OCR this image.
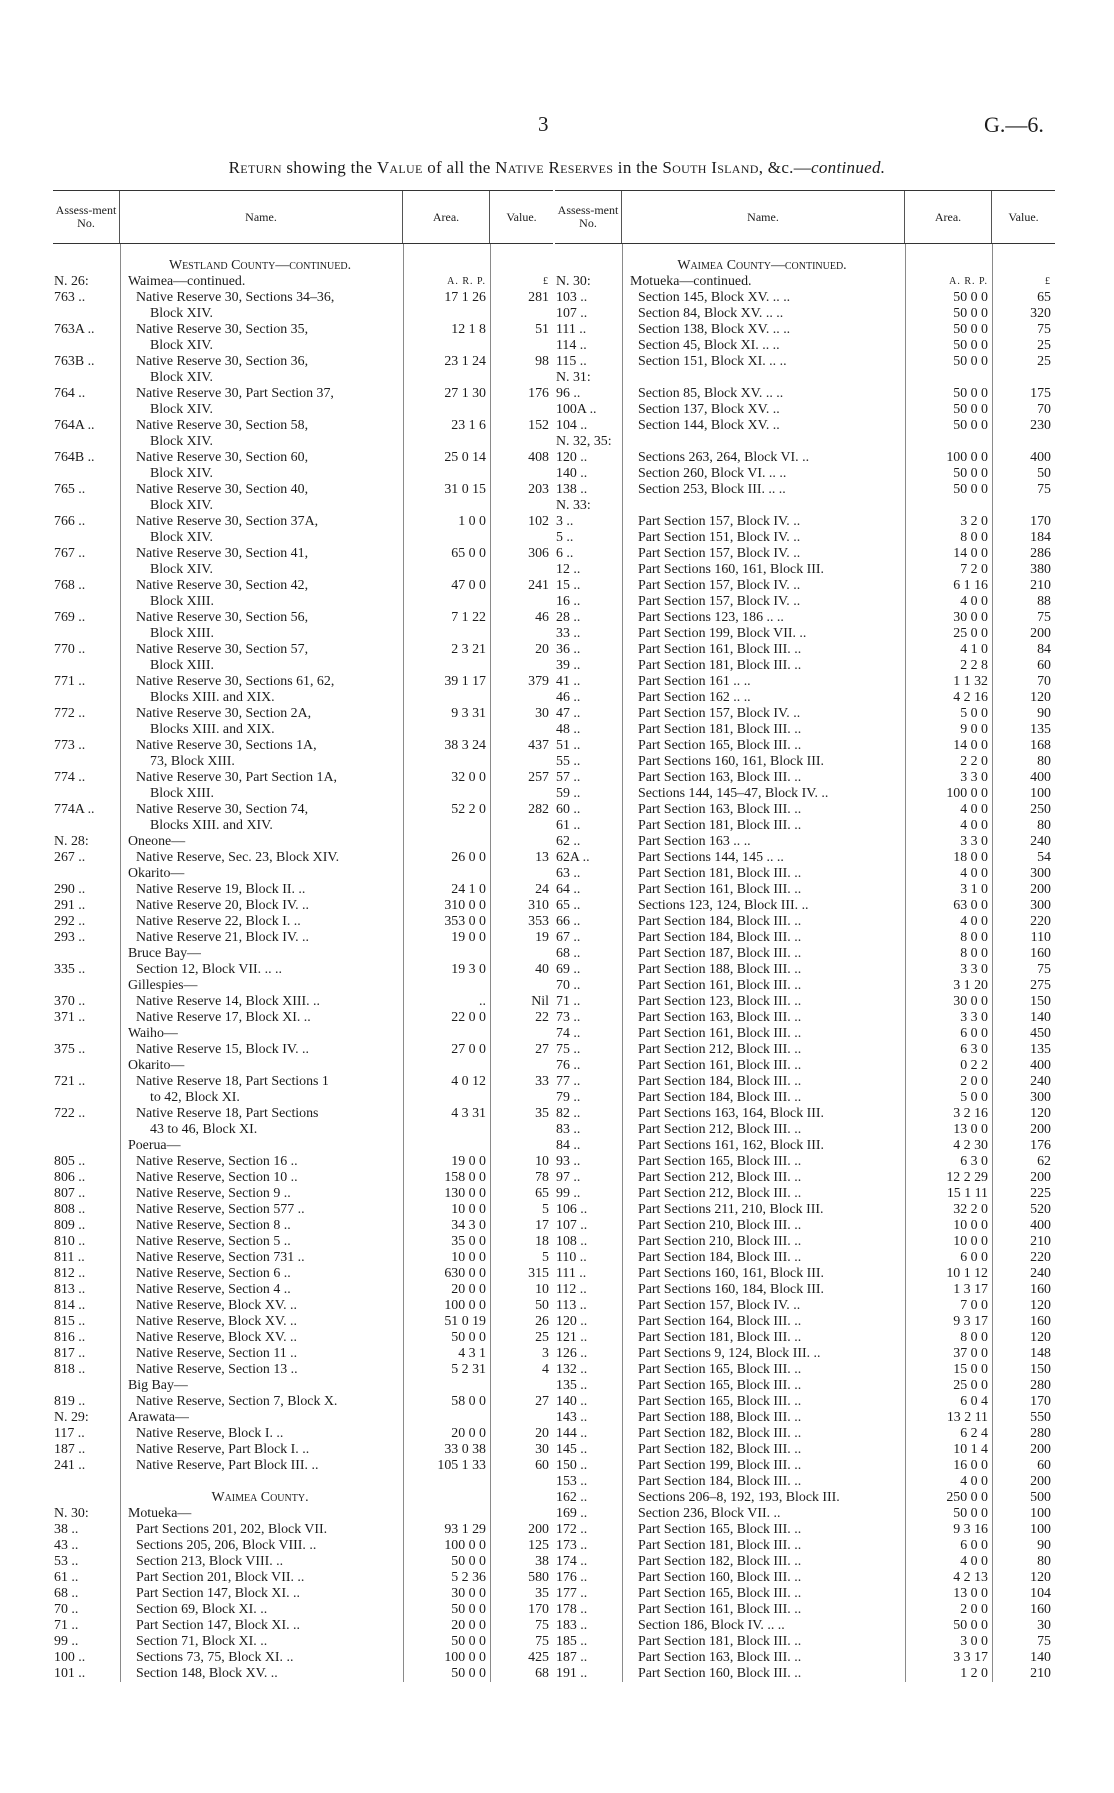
3	G.—6.
Return showing the Value of all the Native Reserves in the South Island, &c.—continued.
Assess-ment No.	Name.	Area.	Value.
Westland County—continued.
N. 26:	Waimea—continued.	A. R. P.	£
763 ..	Native Reserve 30, Sections 34–36,	17 1 26	281
Block XIV.
763A ..	Native Reserve 30, Section 35,	12 1 8	51
Block XIV.
763B ..	Native Reserve 30, Section 36,	23 1 24	98
Block XIV.
764 ..	Native Reserve 30, Part Section 37,	27 1 30	176
Block XIV.
764A ..	Native Reserve 30, Section 58,	23 1 6	152
Block XIV.
764B ..	Native Reserve 30, Section 60,	25 0 14	408
Block XIV.
765 ..	Native Reserve 30, Section 40,	31 0 15	203
Block XIV.
766 ..	Native Reserve 30, Section 37A,	1 0 0	102
Block XIV.
767 ..	Native Reserve 30, Section 41,	65 0 0	306
Block XIV.
768 ..	Native Reserve 30, Section 42,	47 0 0	241
Block XIII.
769 ..	Native Reserve 30, Section 56,	7 1 22	46
Block XIII.
770 ..	Native Reserve 30, Section 57,	2 3 21	20
Block XIII.
771 ..	Native Reserve 30, Sections 61, 62,	39 1 17	379
Blocks XIII. and XIX.
772 ..	Native Reserve 30, Section 2A,	9 3 31	30
Blocks XIII. and XIX.
773 ..	Native Reserve 30, Sections 1A,	38 3 24	437
73, Block XIII.
774 ..	Native Reserve 30, Part Section 1A,	32 0 0	257
Block XIII.
774A ..	Native Reserve 30, Section 74,	52 2 0	282
Blocks XIII. and XIV.
N. 28:	Oneone—
267 ..	Native Reserve, Sec. 23, Block XIV.	26 0 0	13
Okarito—
290 ..	Native Reserve 19, Block II. ..	24 1 0	24
291 ..	Native Reserve 20, Block IV. ..	310 0 0	310
292 ..	Native Reserve 22, Block I. ..	353 0 0	353
293 ..	Native Reserve 21, Block IV. ..	19 0 0	19
Bruce Bay—
335 ..	Section 12, Block VII. .. ..	19 3 0	40
Gillespies—
370 ..	Native Reserve 14, Block XIII. ..	..	Nil
371 ..	Native Reserve 17, Block XI. ..	22 0 0	22
Waiho—
375 ..	Native Reserve 15, Block IV. ..	27 0 0	27
Okarito—
721 ..	Native Reserve 18, Part Sections 1	4 0 12	33
to 42, Block XI.
722 ..	Native Reserve 18, Part Sections	4 3 31	35
43 to 46, Block XI.
Poerua—
805 ..	Native Reserve, Section 16 ..	19 0 0	10
806 ..	Native Reserve, Section 10 ..	158 0 0	78
807 ..	Native Reserve, Section 9 ..	130 0 0	65
808 ..	Native Reserve, Section 577 ..	10 0 0	5
809 ..	Native Reserve, Section 8 ..	34 3 0	17
810 ..	Native Reserve, Section 5 ..	35 0 0	18
811 ..	Native Reserve, Section 731 ..	10 0 0	5
812 ..	Native Reserve, Section 6 ..	630 0 0	315
813 ..	Native Reserve, Section 4 ..	20 0 0	10
814 ..	Native Reserve, Block XV. ..	100 0 0	50
815 ..	Native Reserve, Block XV. ..	51 0 19	26
816 ..	Native Reserve, Block XV. ..	50 0 0	25
817 ..	Native Reserve, Section 11 ..	4 3 1	3
818 ..	Native Reserve, Section 13 ..	5 2 31	4
Big Bay—
819 ..	Native Reserve, Section 7, Block X.	58 0 0	27
N. 29:	Arawata—
117 ..	Native Reserve, Block I. ..	20 0 0	20
187 ..	Native Reserve, Part Block I. ..	33 0 38	30
241 ..	Native Reserve, Part Block III. ..	105 1 33	60
Waimea County.
N. 30:	Motueka—
38 ..	Part Sections 201, 202, Block VII.	93 1 29	200
43 ..	Sections 205, 206, Block VIII. ..	100 0 0	125
53 ..	Section 213, Block VIII. ..	50 0 0	38
61 ..	Part Section 201, Block VII. ..	5 2 36	580
68 ..	Part Section 147, Block XI. ..	30 0 0	35
70 ..	Section 69, Block XI. ..	50 0 0	170
71 ..	Part Section 147, Block XI. ..	20 0 0	75
99 ..	Section 71, Block XI. ..	50 0 0	75
100 ..	Sections 73, 75, Block XI. ..	100 0 0	425
101 ..	Section 148, Block XV. ..	50 0 0	68
Assess-ment No.	Name.	Area.	Value.
Waimea County—continued.
N. 30:	Motueka—continued.	A. R. P.	£
103 ..	Section 145, Block XV. .. ..	50 0 0	65
107 ..	Section 84, Block XV. .. ..	50 0 0	320
111 ..	Section 138, Block XV. .. ..	50 0 0	75
114 ..	Section 45, Block XI. .. ..	50 0 0	25
115 ..	Section 151, Block XI. .. ..	50 0 0	25
N. 31:
96 ..	Section 85, Block XV. .. ..	50 0 0	175
100A ..	Section 137, Block XV. ..	50 0 0	70
104 ..	Section 144, Block XV. ..	50 0 0	230
N. 32, 35:
120 ..	Sections 263, 264, Block VI. ..	100 0 0	400
140 ..	Section 260, Block VI. .. ..	50 0 0	50
138 ..	Section 253, Block III. .. ..	50 0 0	75
N. 33:
3 ..	Part Section 157, Block IV. ..	3 2 0	170
5 ..	Part Section 151, Block IV. ..	8 0 0	184
6 ..	Part Section 157, Block IV. ..	14 0 0	286
12 ..	Part Sections 160, 161, Block III.	7 2 0	380
15 ..	Part Section 157, Block IV. ..	6 1 16	210
16 ..	Part Section 157, Block IV. ..	4 0 0	88
28 ..	Part Sections 123, 186 .. ..	30 0 0	75
33 ..	Part Section 199, Block VII. ..	25 0 0	200
36 ..	Part Section 161, Block III. ..	4 1 0	84
39 ..	Part Section 181, Block III. ..	2 2 8	60
41 ..	Part Section 161 .. ..	1 1 32	70
46 ..	Part Section 162 .. ..	4 2 16	120
47 ..	Part Section 157, Block IV. ..	5 0 0	90
48 ..	Part Section 181, Block III. ..	9 0 0	135
51 ..	Part Section 165, Block III. ..	14 0 0	168
55 ..	Part Sections 160, 161, Block III.	2 2 0	80
57 ..	Part Section 163, Block III. ..	3 3 0	400
59 ..	Sections 144, 145–47, Block IV. ..	100 0 0	100
60 ..	Part Section 163, Block III. ..	4 0 0	250
61 ..	Part Section 181, Block III. ..	4 0 0	80
62 ..	Part Section 163 .. ..	3 3 0	240
62A ..	Part Sections 144, 145 .. ..	18 0 0	54
63 ..	Part Section 181, Block III. ..	4 0 0	300
64 ..	Part Section 161, Block III. ..	3 1 0	200
65 ..	Sections 123, 124, Block III. ..	63 0 0	300
66 ..	Part Section 184, Block III. ..	4 0 0	220
67 ..	Part Section 184, Block III. ..	8 0 0	110
68 ..	Part Section 187, Block III. ..	8 0 0	160
69 ..	Part Section 188, Block III. ..	3 3 0	75
70 ..	Part Section 161, Block III. ..	3 1 20	275
71 ..	Part Section 123, Block III. ..	30 0 0	150
73 ..	Part Section 163, Block III. ..	3 3 0	140
74 ..	Part Section 161, Block III. ..	6 0 0	450
75 ..	Part Section 212, Block III. ..	6 3 0	135
76 ..	Part Section 161, Block III. ..	0 2 2	400
77 ..	Part Section 184, Block III. ..	2 0 0	240
79 ..	Part Section 184, Block III. ..	5 0 0	300
82 ..	Part Sections 163, 164, Block III.	3 2 16	120
83 ..	Part Section 212, Block III. ..	13 0 0	200
84 ..	Part Sections 161, 162, Block III.	4 2 30	176
93 ..	Part Section 165, Block III. ..	6 3 0	62
97 ..	Part Section 212, Block III. ..	12 2 29	200
99 ..	Part Section 212, Block III. ..	15 1 11	225
106 ..	Part Sections 211, 210, Block III.	32 2 0	520
107 ..	Part Section 210, Block III. ..	10 0 0	400
108 ..	Part Section 210, Block III. ..	10 0 0	210
110 ..	Part Section 184, Block III. ..	6 0 0	220
111 ..	Part Sections 160, 161, Block III.	10 1 12	240
112 ..	Part Sections 160, 184, Block III.	1 3 17	160
113 ..	Part Section 157, Block IV. ..	7 0 0	120
120 ..	Part Section 164, Block III. ..	9 3 17	160
121 ..	Part Section 181, Block III. ..	8 0 0	120
126 ..	Part Sections 9, 124, Block III. ..	37 0 0	148
132 ..	Part Section 165, Block III. ..	15 0 0	150
135 ..	Part Section 165, Block III. ..	25 0 0	280
140 ..	Part Section 165, Block III. ..	6 0 4	170
143 ..	Part Section 188, Block III. ..	13 2 11	550
144 ..	Part Section 182, Block III. ..	6 2 4	280
145 ..	Part Section 182, Block III. ..	10 1 4	200
150 ..	Part Section 199, Block III. ..	16 0 0	60
153 ..	Part Section 184, Block III. ..	4 0 0	200
162 ..	Sections 206–8, 192, 193, Block III.	250 0 0	500
169 ..	Section 236, Block VII. ..	50 0 0	100
172 ..	Part Section 165, Block III. ..	9 3 16	100
173 ..	Part Section 181, Block III. ..	6 0 0	90
174 ..	Part Section 182, Block III. ..	4 0 0	80
176 ..	Part Section 160, Block III. ..	4 2 13	120
177 ..	Part Section 165, Block III. ..	13 0 0	104
178 ..	Part Section 161, Block III. ..	2 0 0	160
183 ..	Section 186, Block IV. .. ..	50 0 0	30
185 ..	Part Section 181, Block III. ..	3 0 0	75
187 ..	Part Section 163, Block III. ..	3 3 17	140
191 ..	Part Section 160, Block III. ..	1 2 0	210
